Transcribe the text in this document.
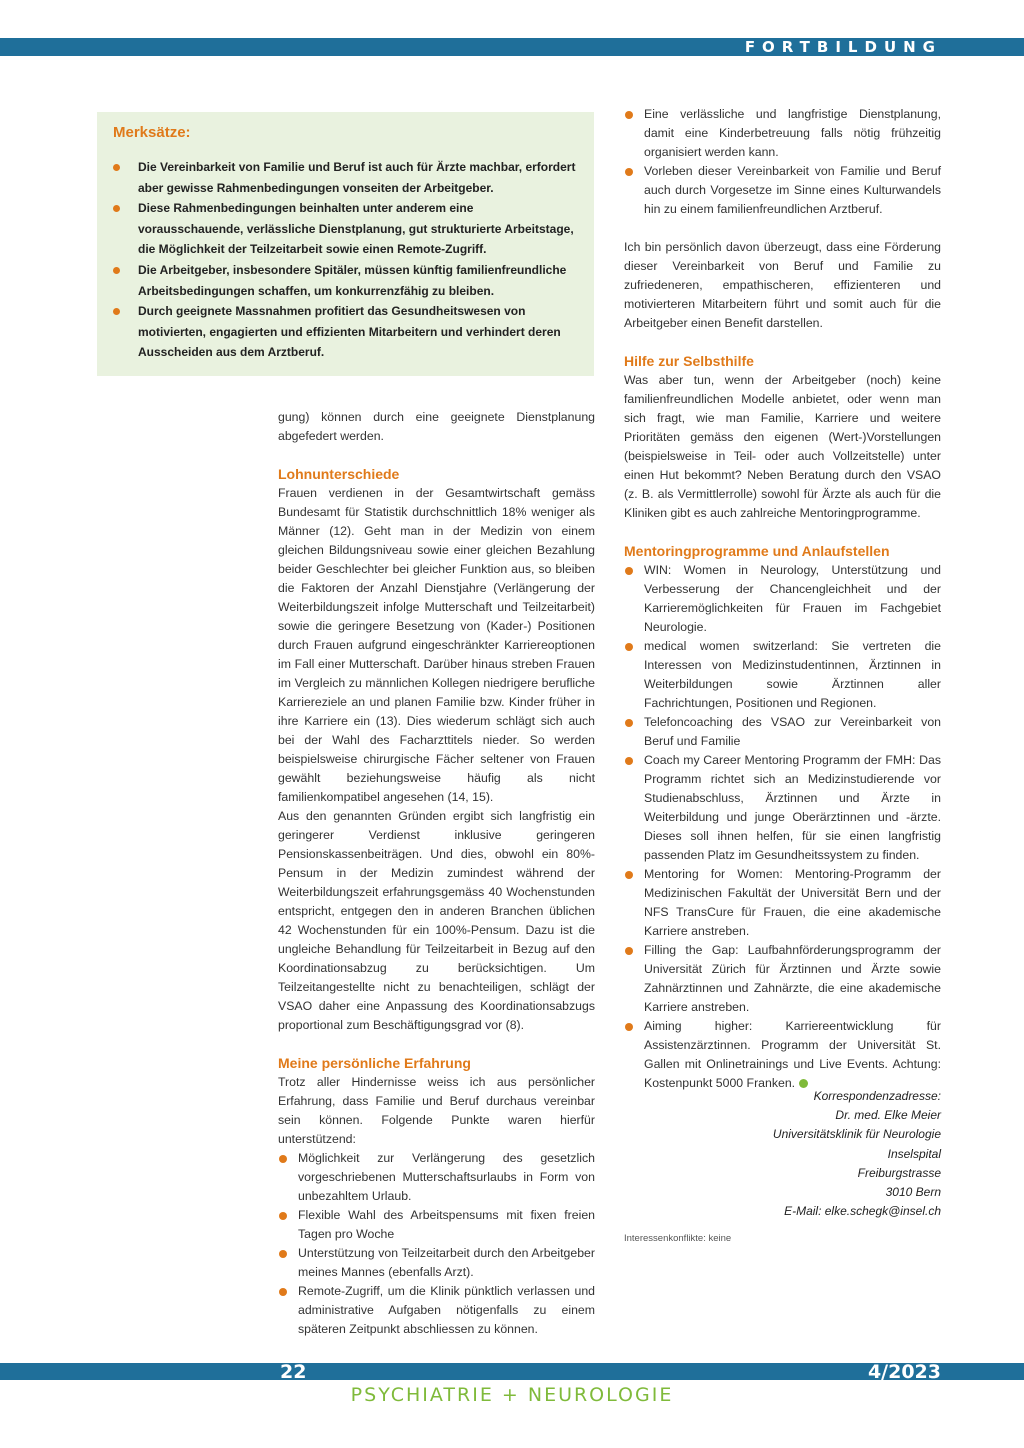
FORTBILDUNG
Merksätze:
Die Vereinbarkeit von Familie und Beruf ist auch für Ärzte machbar, erfordert aber gewisse Rahmenbedingungen vonseiten der Arbeitgeber.
Diese Rahmenbedingungen beinhalten unter anderem eine vorausschauende, verlässliche Dienstplanung, gut strukturierte Arbeitstage, die Möglichkeit der Teilzeitarbeit sowie einen Remote-Zugriff.
Die Arbeitgeber, insbesondere Spitäler, müssen künftig familienfreundliche Arbeitsbedingungen schaffen, um konkurrenzfähig zu bleiben.
Durch geeignete Massnahmen profitiert das Gesundheitswesen von motivierten, engagierten und effizienten Mitarbeitern und verhindert deren Ausscheiden aus dem Arztberuf.

gung) können durch eine geeignete Dienstplanung abgefedert werden.

Lohnunterschiede

Frauen verdienen in der Gesamtwirtschaft gemäss Bundesamt für Statistik durchschnittlich 18% weniger als Männer (12). Geht man in der Medizin von einem gleichen Bildungsniveau sowie einer gleichen Bezahlung beider Geschlechter bei gleicher Funktion aus, so bleiben die Faktoren der Anzahl Dienstjahre (Verlängerung der Weiterbildungszeit infolge Mutterschaft und Teilzeitarbeit) sowie die geringere Besetzung von (Kader-) Positionen durch Frauen aufgrund eingeschränkter Karriereoptionen im Fall einer Mutterschaft. Darüber hinaus streben Frauen im Vergleich zu männlichen Kollegen niedrigere berufliche Karriereziele an und planen Familie bzw. Kinder früher in ihre Karriere ein (13). Dies wiederum schlägt sich auch bei der Wahl des Facharzttitels nieder. So werden beispielsweise chirurgische Fächer seltener von Frauen gewählt beziehungsweise häufig als nicht familienkompatibel angesehen (14, 15).

Aus den genannten Gründen ergibt sich langfristig ein geringerer Verdienst inklusive geringeren Pensionskassenbeiträgen. Und dies, obwohl ein 80%-Pensum in der Medizin zumindest während der Weiterbildungszeit erfahrungsgemäss 40 Wochenstunden entspricht, entgegen den in anderen Branchen üblichen 42 Wochenstunden für ein 100%-Pensum. Dazu ist die ungleiche Behandlung für Teilzeitarbeit in Bezug auf den Koordinationsabzug zu berücksichtigen. Um Teilzeitangestellte nicht zu benachteiligen, schlägt der VSAO daher eine Anpassung des Koordinationsabzugs proportional zum Beschäftigungsgrad vor (8).

Meine persönliche Erfahrung

Trotz aller Hindernisse weiss ich aus persönlicher Erfahrung, dass Familie und Beruf durchaus vereinbar sein können. Folgende Punkte waren hierfür unterstützend:

Möglichkeit zur Verlängerung des gesetzlich vorgeschriebenen Mutterschaftsurlaubs in Form von unbezahltem Urlaub.
Flexible Wahl des Arbeitspensums mit fixen freien Tagen pro Woche
Unterstützung von Teilzeitarbeit durch den Arbeitgeber meines Mannes (ebenfalls Arzt).
Remote-Zugriff, um die Klinik pünktlich verlassen und administrative Aufgaben nötigenfalls zu einem späteren Zeitpunkt abschliessen zu können.
Eine verlässliche und langfristige Dienstplanung, damit eine Kinderbetreuung falls nötig frühzeitig organisiert werden kann.
Vorleben dieser Vereinbarkeit von Familie und Beruf auch durch Vorgesetze im Sinne eines Kulturwandels hin zu einem familienfreundlichen Arztberuf.

Ich bin persönlich davon überzeugt, dass eine Förderung dieser Vereinbarkeit von Beruf und Familie zu zufriedeneren, empathischeren, effizienteren und motivierteren Mitarbeitern führt und somit auch für die Arbeitgeber einen Benefit darstellen.

Hilfe zur Selbsthilfe

Was aber tun, wenn der Arbeitgeber (noch) keine familienfreundlichen Modelle anbietet, oder wenn man sich fragt, wie man Familie, Karriere und weitere Prioritäten gemäss den eigenen (Wert-)Vorstellungen (beispielsweise in Teil- oder auch Vollzeitstelle) unter einen Hut bekommt? Neben Beratung durch den VSAO (z. B. als Vermittlerrolle) sowohl für Ärzte als auch für die Kliniken gibt es auch zahlreiche Mentoringprogramme.

Mentoringprogramme und Anlaufstellen
WIN: Women in Neurology, Unterstützung und Verbesserung der Chancengleichheit und der Karrieremöglichkeiten für Frauen im Fachgebiet Neurologie.
medical women switzerland: Sie vertreten die Interessen von Medizinstudentinnen, Ärztinnen in Weiterbildungen sowie Ärztinnen aller Fachrichtungen, Positionen und Regionen.
Telefoncoaching des VSAO zur Vereinbarkeit von Beruf und Familie
Coach my Career Mentoring Programm der FMH: Das Programm richtet sich an Medizinstudierende vor Studienabschluss, Ärztinnen und Ärzte in Weiterbildung und junge Oberärztinnen und -ärzte. Dieses soll ihnen helfen, für sie einen langfristig passenden Platz im Gesundheitssystem zu finden.
Mentoring for Women: Mentoring-Programm der Medizinischen Fakultät der Universität Bern und der NFS TransCure für Frauen, die eine akademische Karriere anstreben.
Filling the Gap: Laufbahnförderungsprogramm der Universität Zürich für Ärztinnen und Ärzte sowie Zahnärztinnen und Zahnärzte, die eine akademische Karriere anstreben.
Aiming higher: Karriereentwicklung für Assistenzärztinnen. Programm der Universität St. Gallen mit Onlinetrainings und Live Events. Achtung: Kostenpunkt 5000 Franken.
Korrespondenzadresse:
Dr. med. Elke Meier
Universitätsklinik für Neurologie
Inselspital
Freiburgstrasse
3010 Bern
E-Mail: elke.schegk@insel.ch
Interessenkonflikte: keine
22	4/2023
PSYCHIATRIE + NEUROLOGIE
